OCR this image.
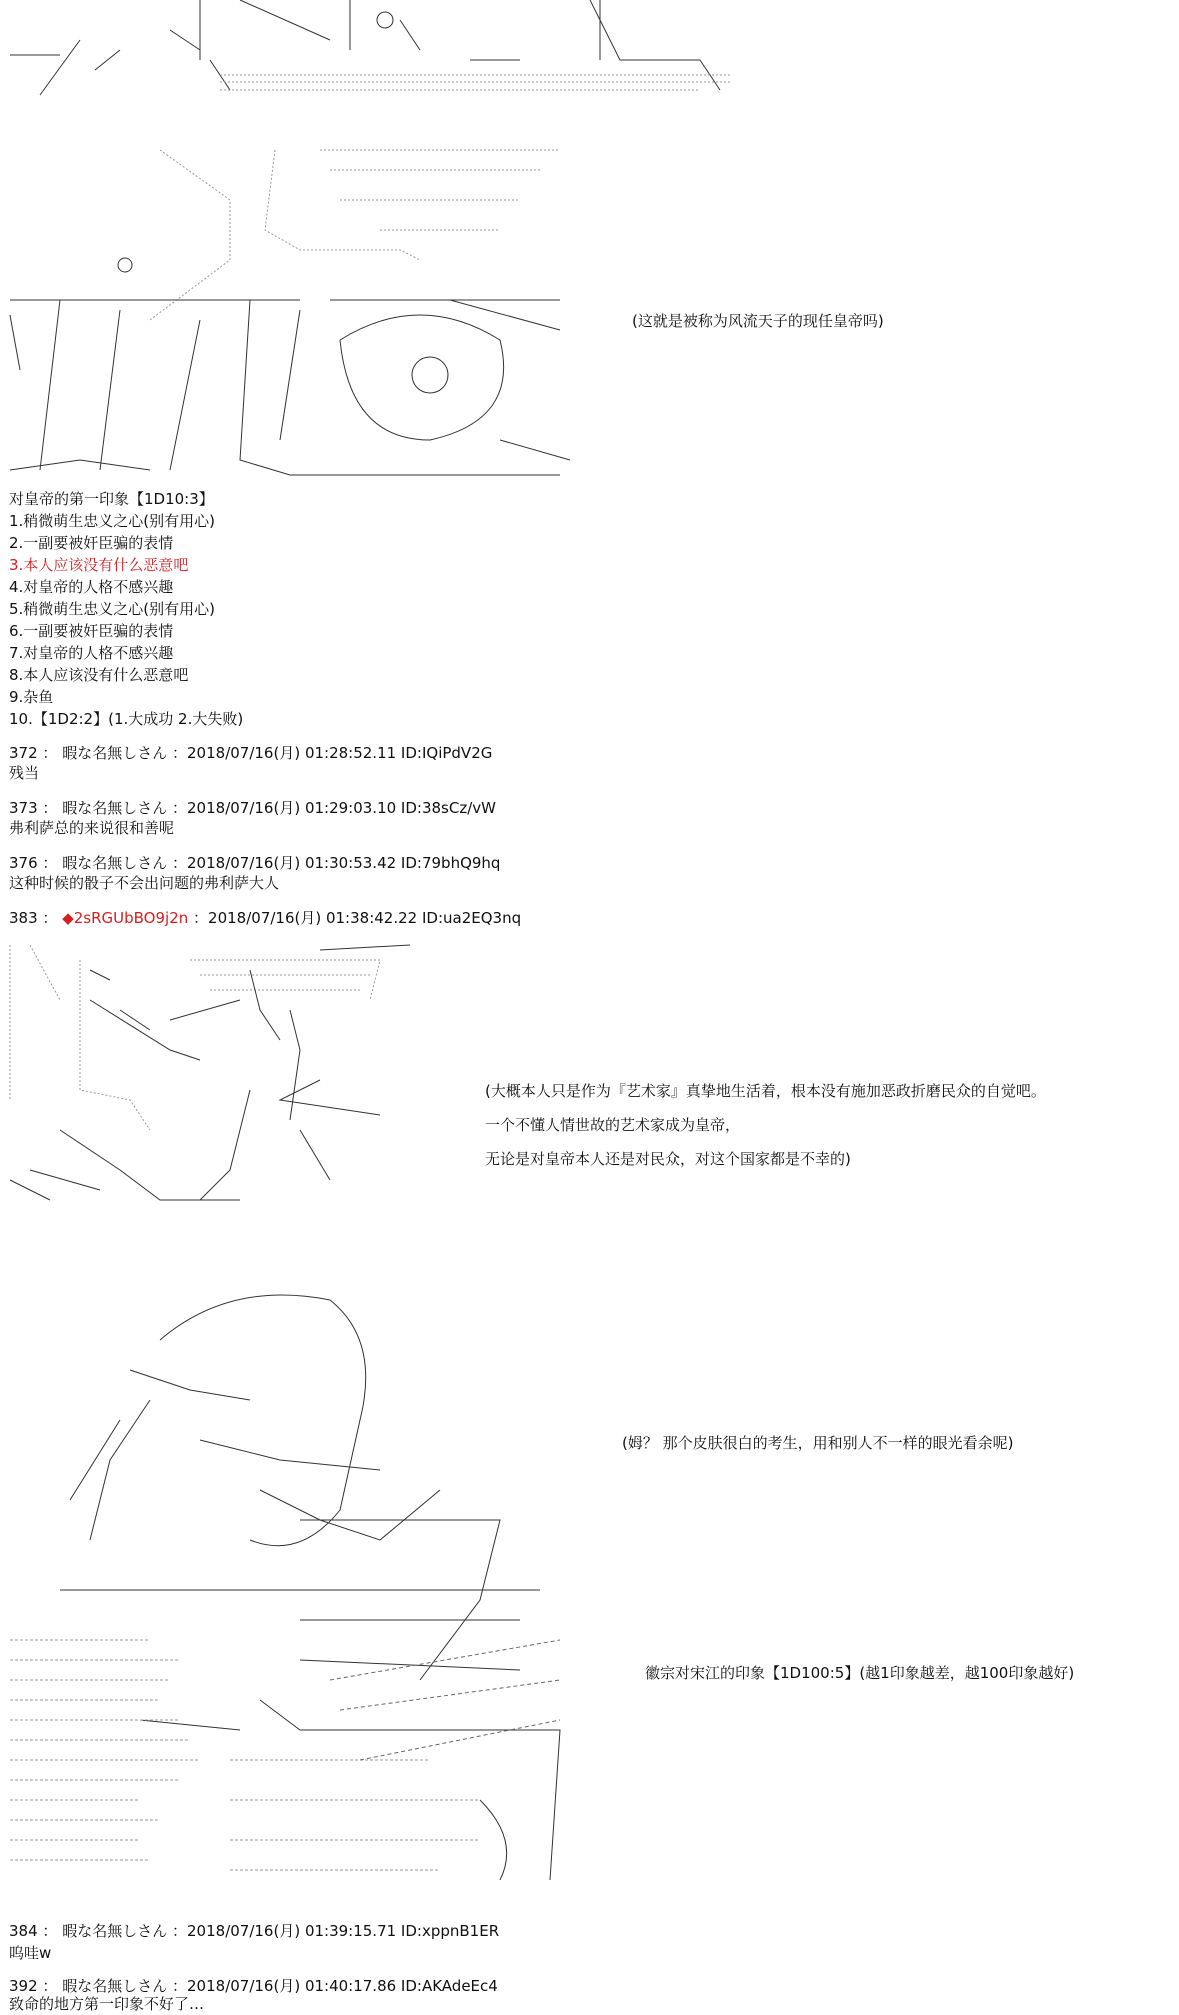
(这就是被称为风流天子的现任皇帝吗)
对皇帝的第一印象【1D10:3】
1.稍微萌生忠义之心(别有用心)
2.一副要被奸臣骗的表情
3.本人应该没有什么恶意吧
4.对皇帝的人格不感兴趣
5.稍微萌生忠义之心(别有用心)
6.一副要被奸臣骗的表情
7.对皇帝的人格不感兴趣
8.本人应该没有什么恶意吧
9.杂鱼
10.【1D2:2】(1.大成功 2.大失败)
372 ： 暇な名無しさん ：2018/07/16(月) 01:28:52.11 ID:IQiPdV2G
残当
373 ： 暇な名無しさん ：2018/07/16(月) 01:29:03.10 ID:38sCz/vW
弗利萨总的来说很和善呢
376 ： 暇な名無しさん ：2018/07/16(月) 01:30:53.42 ID:79bhQ9hq
这种时候的骰子不会出问题的弗利萨大人
383 ： ◆2sRGUbBO9j2n ：2018/07/16(月) 01:38:42.22 ID:ua2EQ3nq
(大概本人只是作为『艺术家』真挚地生活着，根本没有施加恶政折磨民众的自觉吧。
一个不懂人情世故的艺术家成为皇帝，
无论是对皇帝本人还是对民众，对这个国家都是不幸的)
(姆？ 那个皮肤很白的考生，用和别人不一样的眼光看余呢)
徽宗对宋江的印象【1D100:5】(越1印象越差，越100印象越好)
384 ： 暇な名無しさん ：2018/07/16(月) 01:39:15.71 ID:xppnB1ER
呜哇w
392 ： 暇な名無しさん ：2018/07/16(月) 01:40:17.86 ID:AKAdeEc4
致命的地方第一印象不好了…
